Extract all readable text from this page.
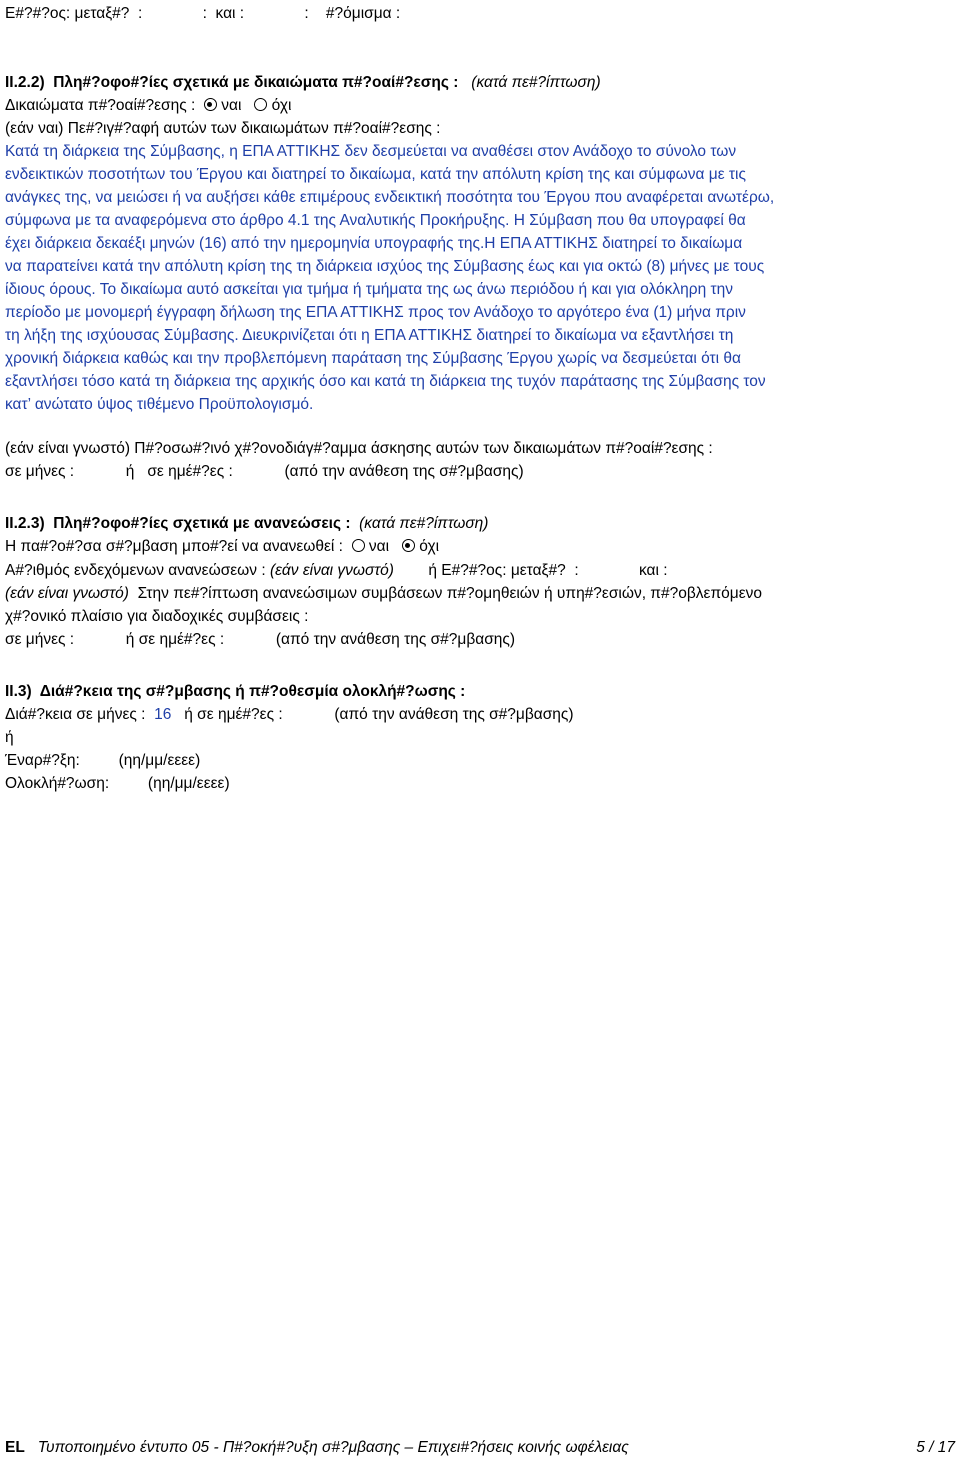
Ε#?#?ος: μεταξ#?  :              :  και :              :    #?όμισμα :
ΙΙ.2.2)  Πλη#?οφο#?ίες σχετικά με δικαιώματα π#?οαί#?εσης : (κατά πε#?ίπτωση)
Δικαιώματα π#?οαί#?εσης : ναι όχι
(εάν ναι) Πε#?ιγ#?αφή αυτών των δικαιωμάτων π#?οαί#?εσης :
Κατά τη διάρκεια της Σύμβασης, η ΕΠΑ ΑΤΤΙΚΗΣ δεν δεσμεύεται να αναθέσει στον Ανάδοχο το σύνολο των
ενδεικτικών ποσοτήτων του Έργου και διατηρεί το δικαίωμα, κατά την απόλυτη κρίση της και σύμφωνα με τις
ανάγκες της, να μειώσει ή να αυξήσει κάθε επιμέρους ενδεικτική ποσότητα του Έργου που αναφέρεται ανωτέρω,
σύμφωνα με τα αναφερόμενα στο άρθρο 4.1 της Αναλυτικής Προκήρυξης. Η Σύμβαση που θα υπογραφεί θα
έχει διάρκεια δεκαέξι μηνών (16) από την ημερομηνία υπογραφής της.Η ΕΠΑ ΑΤΤΙΚΗΣ διατηρεί το δικαίωμα
να παρατείνει κατά την απόλυτη κρίση της τη διάρκεια ισχύος της Σύμβασης έως και για οκτώ (8) μήνες με τους
ίδιους όρους. Το δικαίωμα αυτό ασκείται για τμήμα ή τμήματα της ως άνω περιόδου ή και για ολόκληρη την
περίοδο με μονομερή έγγραφη δήλωση της ΕΠΑ ΑΤΤΙΚΗΣ προς τον Ανάδοχο το αργότερο ένα (1) μήνα πριν
τη λήξη της ισχύουσας Σύμβασης. Διευκρινίζεται ότι η ΕΠΑ ΑΤΤΙΚΗΣ διατηρεί το δικαίωμα να εξαντλήσει τη
χρονική διάρκεια καθώς και την προβλεπόμενη παράταση της Σύμβασης Έργου χωρίς να δεσμεύεται ότι θα
εξαντλήσει τόσο κατά τη διάρκεια της αρχικής όσο και κατά τη διάρκεια της τυχόν παράτασης της Σύμβασης τον
κατ’ ανώτατο ύψος τιθέμενο Προϋπολογισμό.
(εάν είναι γνωστό) Π#?οσω#?ινό χ#?ονοδιάγ#?αμμα άσκησης αυτών των δικαιωμάτων π#?οαί#?εσης :
σε μήνες :	ή σε ημέ#?ες :	(από την ανάθεση της σ#?μβασης)
ΙΙ.2.3)  Πλη#?οφο#?ίες σχετικά με ανανεώσεις : (κατά πε#?ίπτωση)
Η πα#?ο#?σα σ#?μβαση μπο#?εί να ανανεωθεί : ναι όχι
Α#?ιθμός ενδεχόμενων ανανεώσεων : (εάν είναι γνωστό) ή Ε#?#?ος: μεταξ#?  :	και :
(εάν είναι γνωστό) Στην πε#?ίπτωση ανανεώσιμων συμβάσεων π#?ομηθειών ή υπη#?εσιών, π#?οβλεπόμενο
χ#?ονικό πλαίσιο για διαδοχικές συμβάσεις :
σε μήνες :	ή σε ημέ#?ες :	(από την ανάθεση της σ#?μβασης)
ΙΙ.3)  Διά#?κεια της σ#?μβασης ή π#?οθεσμία ολοκλή#?ωσης :
Διά#?κεια σε μήνες : 16 ή σε ημέ#?ες :	(από την ανάθεση της σ#?μβασης)
ή
Έναρ#?ξη:	(ηη/μμ/εεεε)
Ολοκλή#?ωση:	(ηη/μμ/εεεε)
EL Τυποποιημένο έντυπο 05 - Π#?οκή#?υξη σ#?μβασης – Επιχει#?ήσεις κοινής ωφέλειας	5 / 17
